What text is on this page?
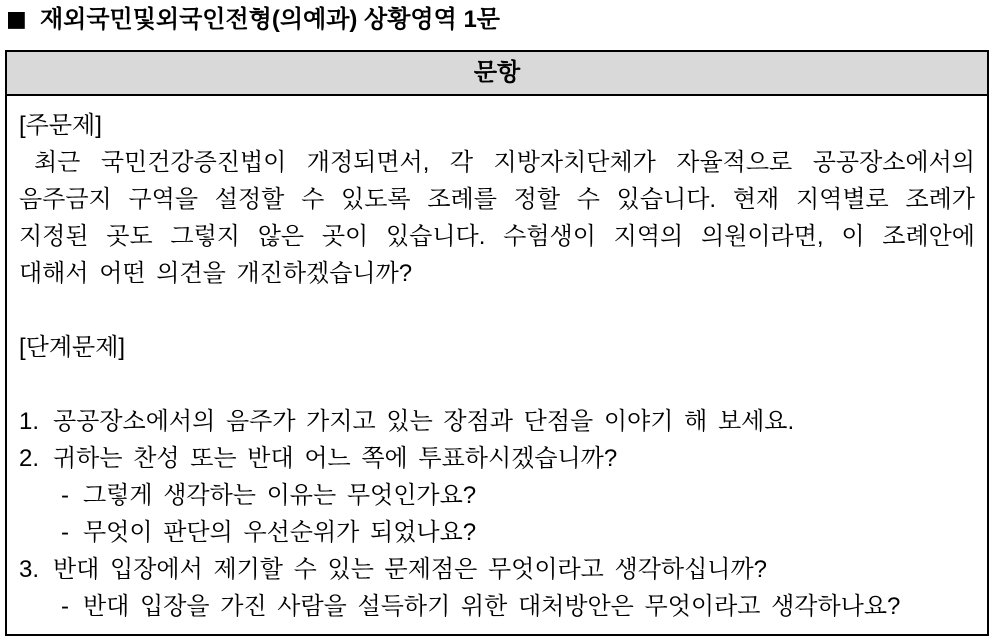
■ 재외국민및외국인전형(의예과) 상황영역 1문
문항
[주문제]
최근 국민건강증진법이 개정되면서, 각 지방자치단체가 자율적으로 공공장소에서의
음주금지 구역을 설정할 수 있도록 조례를 정할 수 있습니다. 현재 지역별로 조례가
지정된 곳도 그렇지 않은 곳이 있습니다. 수험생이 지역의 의원이라면, 이 조례안에
대해서 어떤 의견을 개진하겠습니까?
[단계문제]
1. 공공장소에서의 음주가 가지고 있는 장점과 단점을 이야기 해 보세요.
2. 귀하는 찬성 또는 반대 어느 쪽에 투표하시겠습니까?
- 그렇게 생각하는 이유는 무엇인가요?
- 무엇이 판단의 우선순위가 되었나요?
3. 반대 입장에서 제기할 수 있는 문제점은 무엇이라고 생각하십니까?
- 반대 입장을 가진 사람을 설득하기 위한 대처방안은 무엇이라고 생각하나요?
